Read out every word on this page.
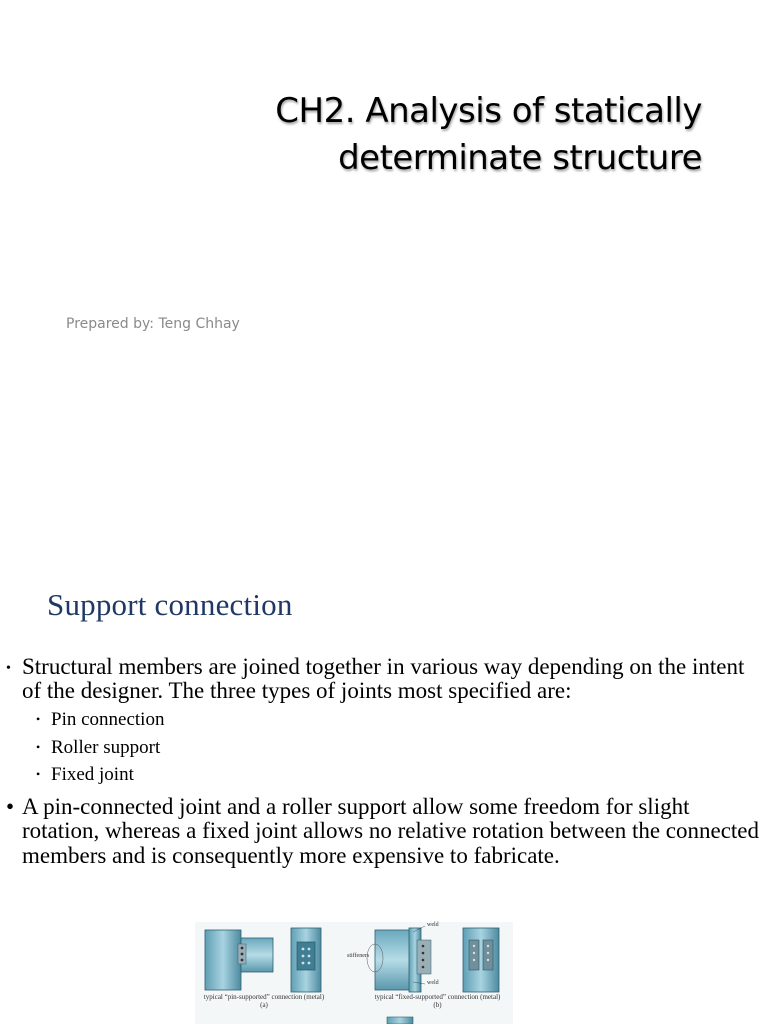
CH2. Analysis of statically
determinate structure
Prepared by: Teng Chhay
Support connection
• Structural members are joined together in various way depending on the intent of the designer. The three types of joints most specified are:
• Pin connection
• Roller support
• Fixed joint
• A pin-connected joint and a roller support allow some freedom for slight rotation, whereas a fixed joint allows no relative rotation between the connected members and is consequently more expensive to fabricate.
typical “pin-supported” connection (metal)
(a)
typical “fixed-supported” connection (metal)
(b)
weld
stiffeners
weld
